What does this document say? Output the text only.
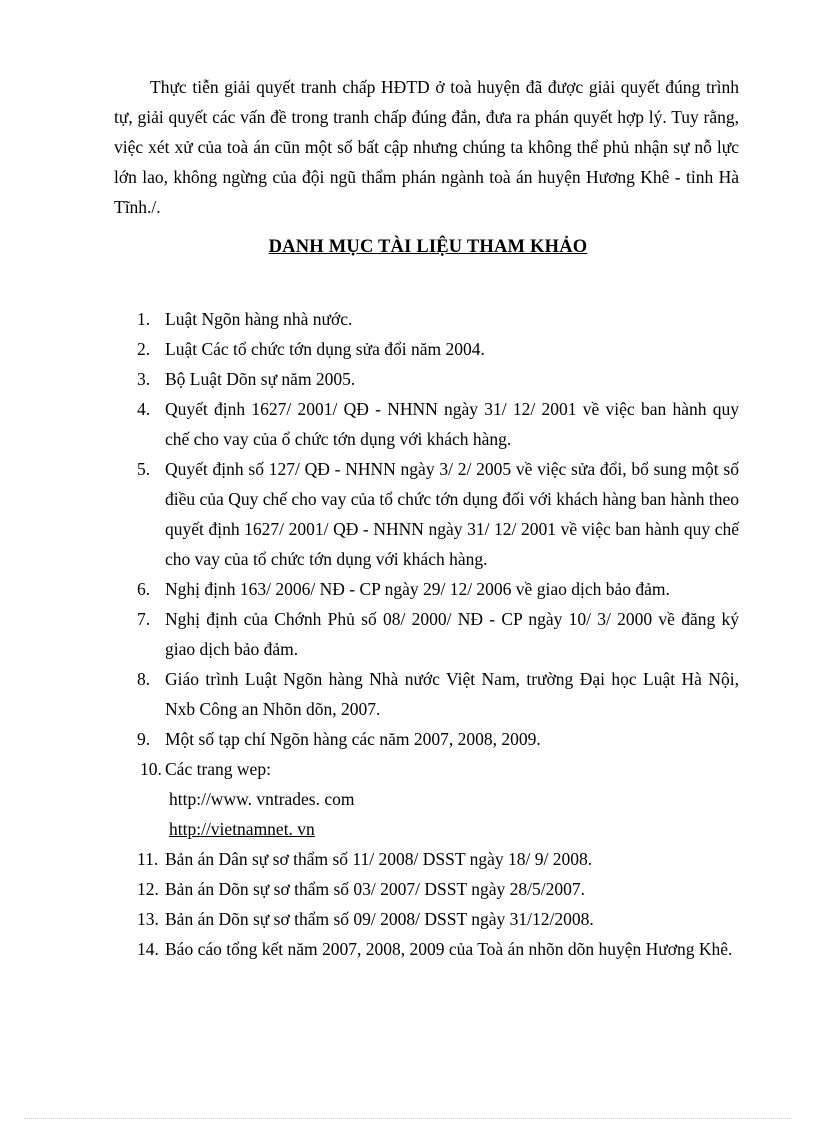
Thực tiễn giải quyết tranh chấp HĐTD ở toà huyện đã được giải quyết đúng trình tự, giải quyết các vấn đề trong tranh chấp đúng đắn, đưa ra phán quyết hợp lý. Tuy rằng, việc xét xử của toà án cũn một số bất cập nhưng chúng ta không thể phủ nhận sự nỗ lực lớn lao, không ngừng của đội ngũ thẩm phán ngành toà án huyện Hương Khê - tỉnh Hà Tĩnh./.

DANH MỤC TÀI LIỆU THAM KHẢO
1. Luật Ngõn hàng nhà nước.
2. Luật Các tổ chức tớn dụng sửa đổi năm 2004.
3. Bộ Luật Dõn sự năm 2005.
4. Quyết định 1627/ 2001/ QĐ - NHNN ngày 31/ 12/ 2001 về việc ban hành quy chế cho vay của ổ chức tớn dụng với khách hàng.
5. Quyết định số 127/ QĐ - NHNN ngày 3/ 2/ 2005 về việc sửa đổi, bổ sung một số điều của Quy chế cho vay của tổ chức tớn dụng đối với khách hàng ban hành theo quyết định 1627/ 2001/ QĐ - NHNN ngày 31/ 12/ 2001 về việc ban hành quy chế cho vay của tổ chức tớn dụng với khách hàng.
6. Nghị định 163/ 2006/ NĐ - CP ngày 29/ 12/ 2006 về giao dịch bảo đảm.
7. Nghị định của Chớnh Phủ số 08/ 2000/ NĐ - CP ngày 10/ 3/ 2000 về đăng ký giao dịch bảo đảm.
8. Giáo trình Luật Ngõn hàng Nhà nước Việt Nam, trường Đại học Luật Hà Nội, Nxb Công an Nhõn dõn, 2007.
9. Một số tạp chí Ngõn hàng các năm 2007, 2008, 2009.
10. Các trang wep:
http://www. vntrades. com
http://vietnamnet. vn
11. Bản án Dân sự sơ thẩm số 11/ 2008/ DSST ngày 18/ 9/ 2008.
12. Bản án Dõn sự sơ thẩm số 03/ 2007/ DSST ngày 28/5/2007.
13. Bản án Dõn sự sơ thẩm số 09/ 2008/ DSST ngày 31/12/2008.
14. Báo cáo tổng kết năm 2007, 2008, 2009 của Toà án nhõn dõn huyện Hương Khê.
